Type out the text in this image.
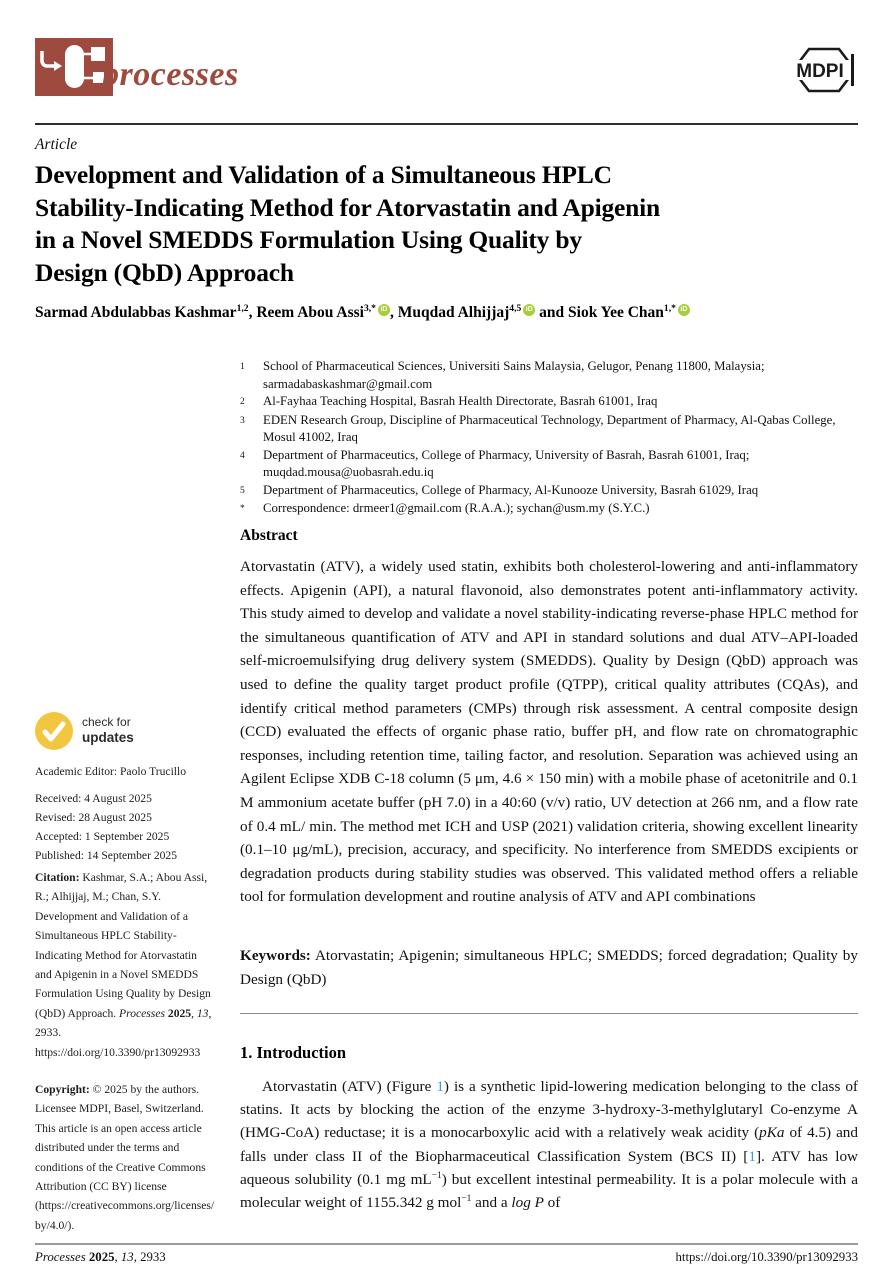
processes	MDPI
Article
Development and Validation of a Simultaneous HPLC
Stability-Indicating Method for Atorvastatin and Apigenin
in a Novel SMEDDS Formulation Using Quality by
Design (QbD) Approach
Sarmad Abdulabbas Kashmar$^{1,2}$, Reem Abou Assi$^{3,*}$ iD , Muqdad Alhijjaj$^{4,5}$ iD and Siok Yee Chan$^{1,*}$ iD
1	School of Pharmaceutical Sciences, Universiti Sains Malaysia, Gelugor, Penang 11800, Malaysia; sarmadabaskashmar@gmail.com
2	Al-Fayhaa Teaching Hospital, Basrah Health Directorate, Basrah 61001, Iraq
3	EDEN Research Group, Discipline of Pharmaceutical Technology, Department of Pharmacy, Al-Qabas College, Mosul 41002, Iraq
4	Department of Pharmaceutics, College of Pharmacy, University of Basrah, Basrah 61001, Iraq; muqdad.mousa@uobasrah.edu.iq
5	Department of Pharmaceutics, College of Pharmacy, Al-Kunooze University, Basrah 61029, Iraq
*	Correspondence: drmeer1@gmail.com (R.A.A.); sychan@usm.my (S.Y.C.)
Abstract
Atorvastatin (ATV), a widely used statin, exhibits both cholesterol-lowering and anti-inflammatory effects. Apigenin (API), a natural flavonoid, also demonstrates potent anti-inflammatory activity. This study aimed to develop and validate a novel stability-indicating reverse-phase HPLC method for the simultaneous quantification of ATV and API in standard solutions and dual ATV–API-loaded self-microemulsifying drug delivery system (SMEDDS). Quality by Design (QbD) approach was used to define the quality target product profile (QTPP), critical quality attributes (CQAs), and identify critical method parameters (CMPs) through risk assessment. A central composite design (CCD) evaluated the effects of organic phase ratio, buffer pH, and flow rate on chromatographic responses, including retention time, tailing factor, and resolution. Separation was achieved using an Agilent Eclipse XDB C-18 column (5 μm, 4.6 × 150 min) with a mobile phase of acetonitrile and 0.1 M ammonium acetate buffer (pH 7.0) in a 40:60 (v/v) ratio, UV detection at 266 nm, and a flow rate of 0.4 mL/ min. The method met ICH and USP (2021) validation criteria, showing excellent linearity (0.1–10 μg/mL), precision, accuracy, and specificity. No interference from SMEDDS excipients or degradation products during stability studies was observed. This validated method offers a reliable tool for formulation development and routine analysis of ATV and API combinations
Keywords: Atorvastatin; Apigenin; simultaneous HPLC; SMEDDS; forced degradation; Quality by Design (QbD)
1. Introduction
Atorvastatin (ATV) (Figure 1) is a synthetic lipid-lowering medication belonging to the class of statins. It acts by blocking the action of the enzyme 3-hydroxy-3-methylglutaryl Co-enzyme A (HMG-CoA) reductase; it is a monocarboxylic acid with a relatively weak acidity (pKa of 4.5) and falls under class II of the Biopharmaceutical Classification System (BCS II) [1]. ATV has low aqueous solubility (0.1 mg $mL^{-1}$) but excellent intestinal permeability. It is a polar molecule with a molecular weight of 1155.342 g mol$^{-1}$ and a log P of
check for
updates
Academic Editor: Paolo Trucillo
Received: 4 August 2025
Revised: 28 August 2025
Accepted: 1 September 2025
Published: 14 September 2025
Citation: Kashmar, S.A.; Abou Assi, R.; Alhijjaj, M.; Chan, S.Y. Development and Validation of a Simultaneous HPLC Stability-Indicating Method for Atorvastatin and Apigenin in a Novel SMEDDS Formulation Using Quality by Design (QbD) Approach. Processes 2025, 13, 2933. https://doi.org/10.3390/pr13092933
Copyright: © 2025 by the authors. Licensee MDPI, Basel, Switzerland. This article is an open access article distributed under the terms and conditions of the Creative Commons Attribution (CC BY) license (https://creativecommons.org/licenses/by/4.0/).
Processes 2025, 13, 2933	https://doi.org/10.3390/pr13092933
